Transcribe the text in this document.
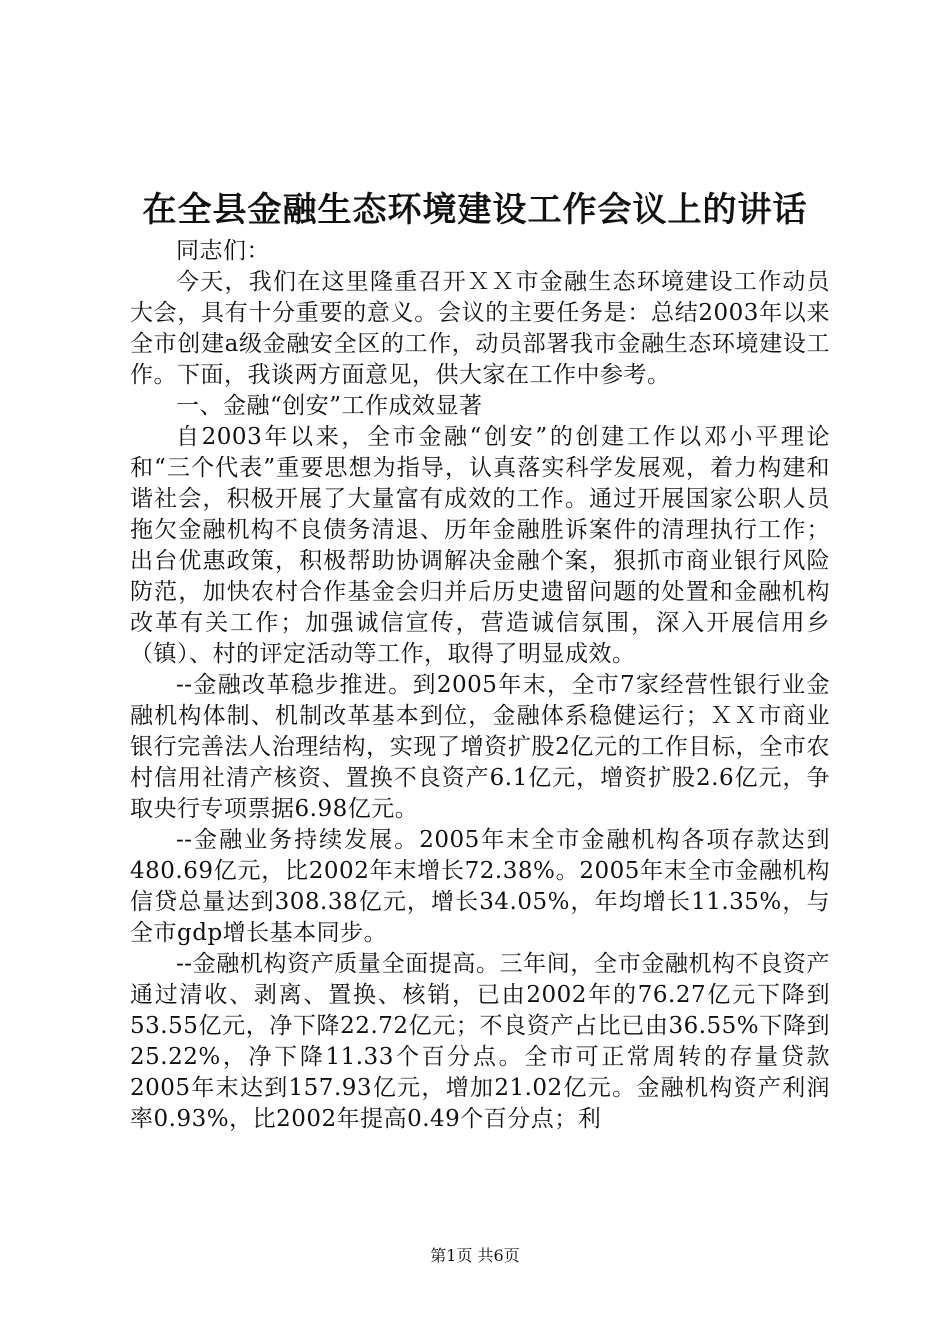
在全县金融生态环境建设工作会议上的讲话

同志们：

今天，我们在这里隆重召开ＸＸ市金融生态环境建设工作动员大会，具有十分重要的意义。会议的主要任务是：总结2003年以来全市创建a级金融安全区的工作，动员部署我市金融生态环境建设工作。下面，我谈两方面意见，供大家在工作中参考。

一、金融“创安”工作成效显著

自2003年以来，全市金融“创安”的创建工作以邓小平理论和“三个代表”重要思想为指导，认真落实科学发展观，着力构建和谐社会，积极开展了大量富有成效的工作。通过开展国家公职人员拖欠金融机构不良债务清退、历年金融胜诉案件的清理执行工作；出台优惠政策，积极帮助协调解决金融个案，狠抓市商业银行风险防范，加快农村合作基金会归并后历史遗留问题的处置和金融机构改革有关工作；加强诚信宣传，营造诚信氛围，深入开展信用乡（镇）、村的评定活动等工作，取得了明显成效。

--金融改革稳步推进。到2005年末，全市7家经营性银行业金融机构体制、机制改革基本到位，金融体系稳健运行；ＸＸ市商业银行完善法人治理结构，实现了增资扩股2亿元的工作目标，全市农村信用社清产核资、置换不良资产6.1亿元，增资扩股2.6亿元，争取央行专项票据6.98亿元。

--金融业务持续发展。2005年末全市金融机构各项存款达到480.69亿元，比2002年末增长72.38%。2005年末全市金融机构信贷总量达到308.38亿元，增长34.05%，年均增长11.35%，与全市gdp增长基本同步。

--金融机构资产质量全面提高。三年间，全市金融机构不良资产通过清收、剥离、置换、核销，已由2002年的76.27亿元下降到53.55亿元，净下降22.72亿元；不良资产占比已由36.55%下降到25.22%，净下降11.33个百分点。全市可正常周转的存量贷款2005年末达到157.93亿元，增加21.02亿元。金融机构资产利润率0.93%，比2002年提高0.49个百分点；利

第1页 共6页
